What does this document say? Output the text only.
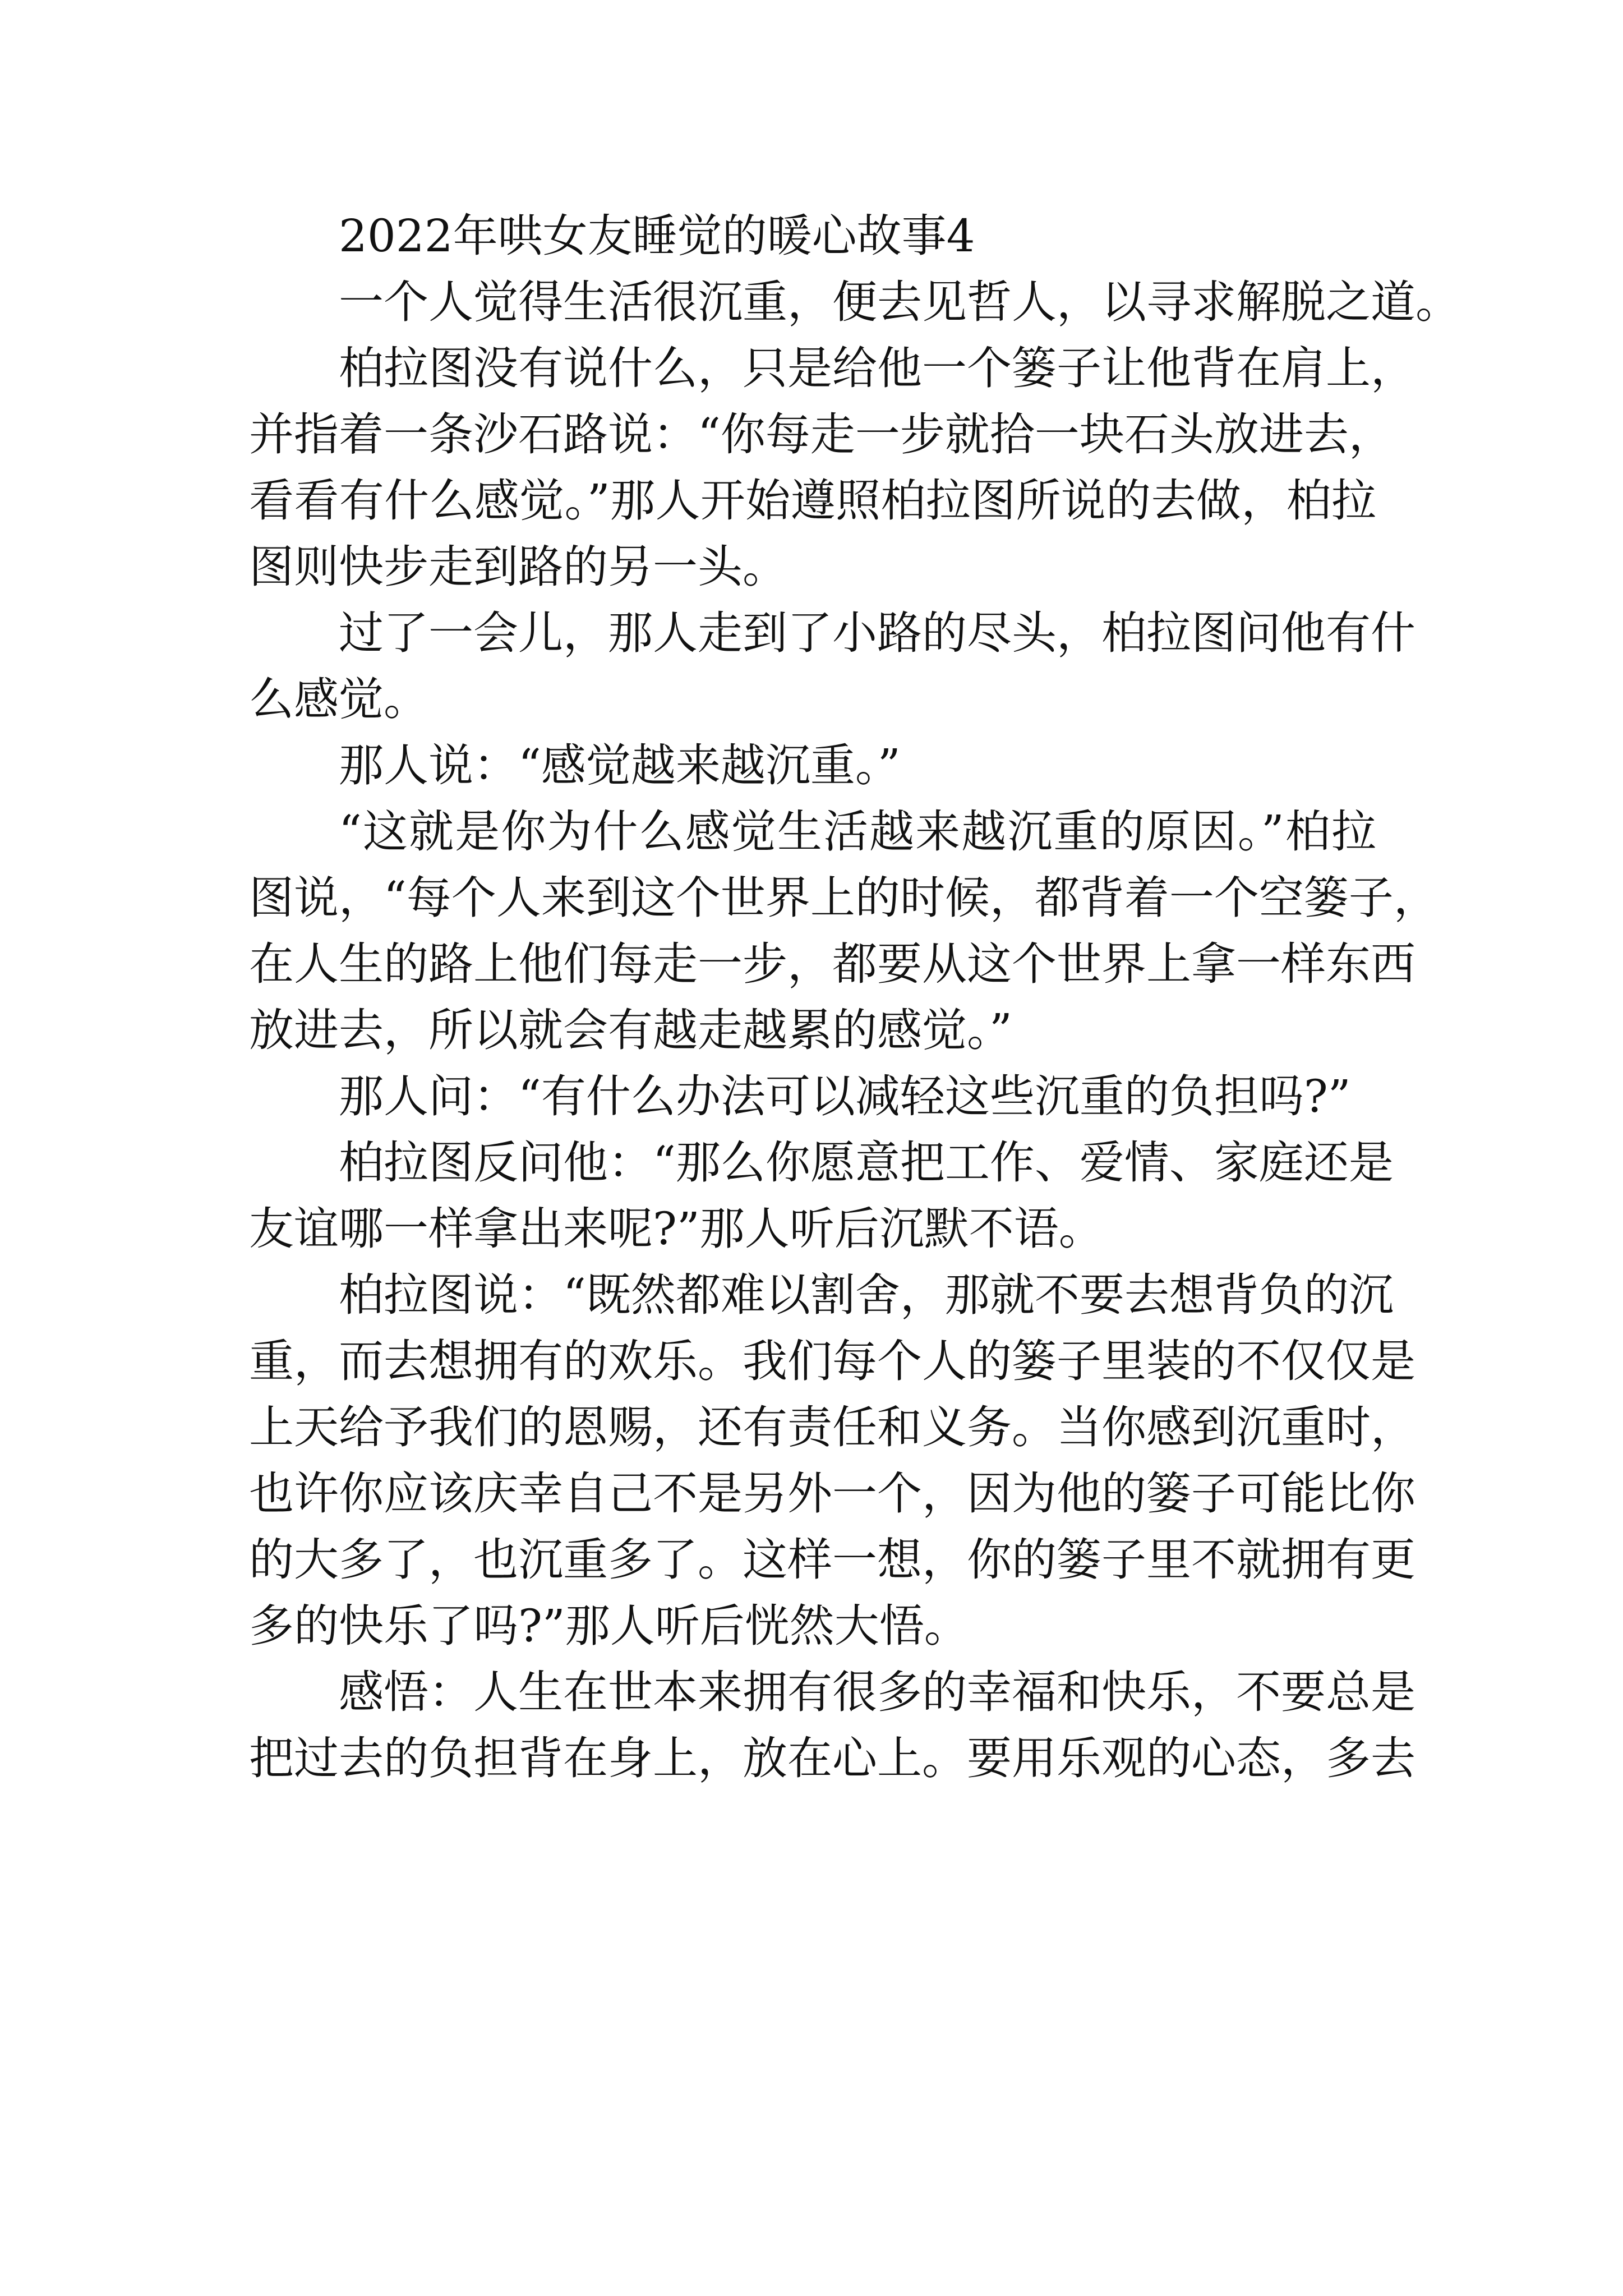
2022年哄女友睡觉的暖心故事4
一个人觉得生活很沉重，便去见哲人，以寻求解脱之道。
柏拉图没有说什么，只是给他一个篓子让他背在肩上，
并指着一条沙石路说：“你每走一步就拾一块石头放进去，
看看有什么感觉。”那人开始遵照柏拉图所说的去做，柏拉
图则快步走到路的另一头。
过了一会儿，那人走到了小路的尽头，柏拉图问他有什
么感觉。
那人说：“感觉越来越沉重。”
“这就是你为什么感觉生活越来越沉重的原因。”柏拉
图说，“每个人来到这个世界上的时候，都背着一个空篓子，
在人生的路上他们每走一步，都要从这个世界上拿一样东西
放进去，所以就会有越走越累的感觉。”
那人问：“有什么办法可以减轻这些沉重的负担吗?”
柏拉图反问他：“那么你愿意把工作、爱情、家庭还是
友谊哪一样拿出来呢?”那人听后沉默不语。
柏拉图说：“既然都难以割舍，那就不要去想背负的沉
重，而去想拥有的欢乐。我们每个人的篓子里装的不仅仅是
上天给予我们的恩赐，还有责任和义务。当你感到沉重时，
也许你应该庆幸自己不是另外一个，因为他的篓子可能比你
的大多了，也沉重多了。这样一想，你的篓子里不就拥有更
多的快乐了吗?”那人听后恍然大悟。
感悟：人生在世本来拥有很多的幸福和快乐，不要总是
把过去的负担背在身上，放在心上。要用乐观的心态，多去
